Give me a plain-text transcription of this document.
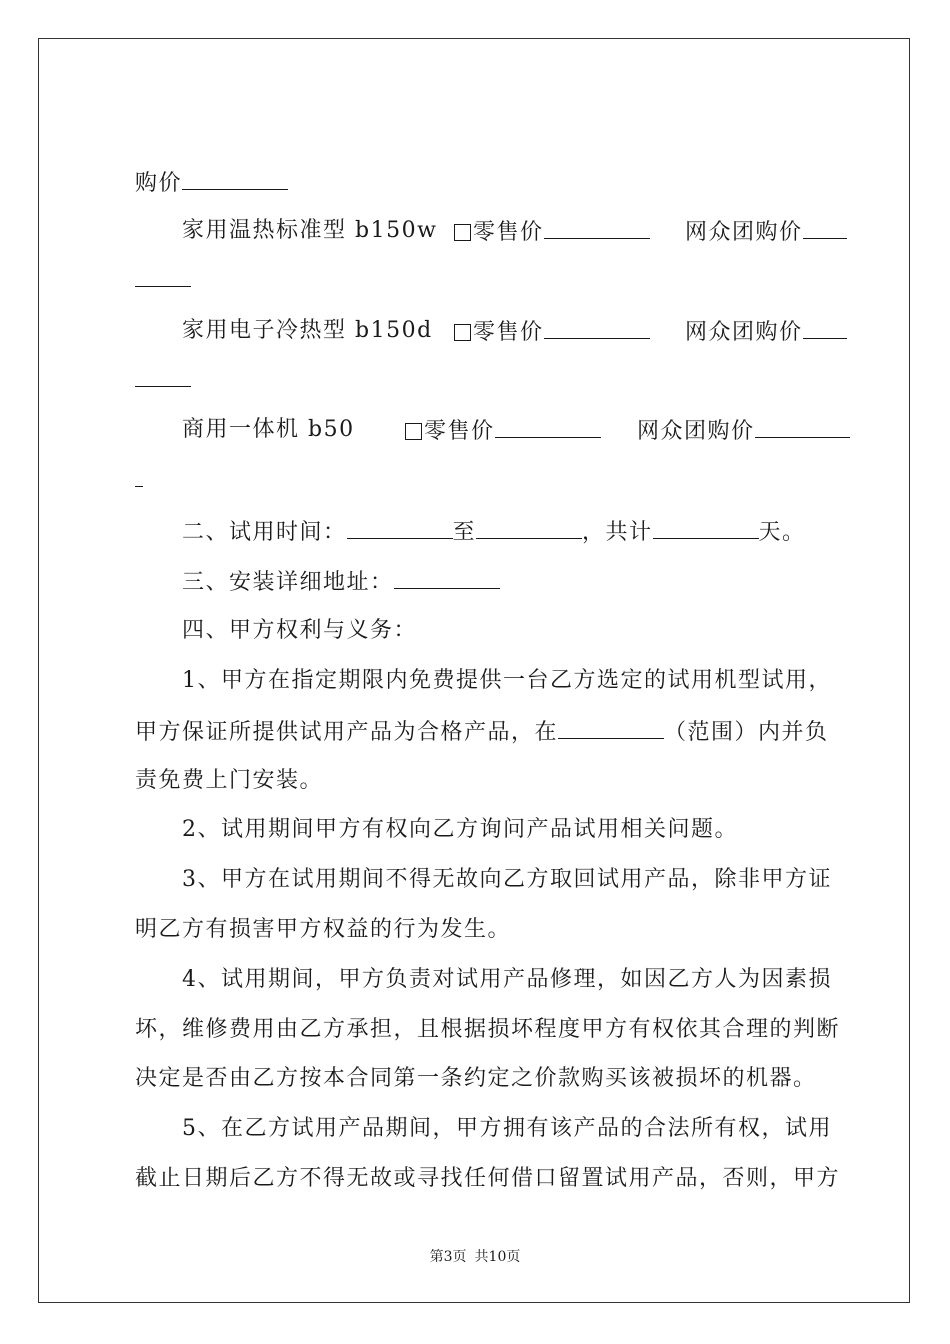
购价

家用温热标准型 b150w	零售价	网众团购价

家用电子冷热型 b150d	零售价	网众团购价

商用一体机 b50	零售价	网众团购价

二、试用时间：	至	，共计	天。

三、安装详细地址：

四、甲方权利与义务：

1、甲方在指定期限内免费提供一台乙方选定的试用机型试用，

甲方保证所提供试用产品为合格产品，在	（范围）内并负

责免费上门安装。

2、试用期间甲方有权向乙方询问产品试用相关问题。

3、甲方在试用期间不得无故向乙方取回试用产品，除非甲方证

明乙方有损害甲方权益的行为发生。

4、试用期间，甲方负责对试用产品修理，如因乙方人为因素损

坏，维修费用由乙方承担，且根据损坏程度甲方有权依其合理的判断

决定是否由乙方按本合同第一条约定之价款购买该被损坏的机器。

5、在乙方试用产品期间，甲方拥有该产品的合法所有权，试用

截止日期后乙方不得无故或寻找任何借口留置试用产品，否则，甲方

第3页 共10页
